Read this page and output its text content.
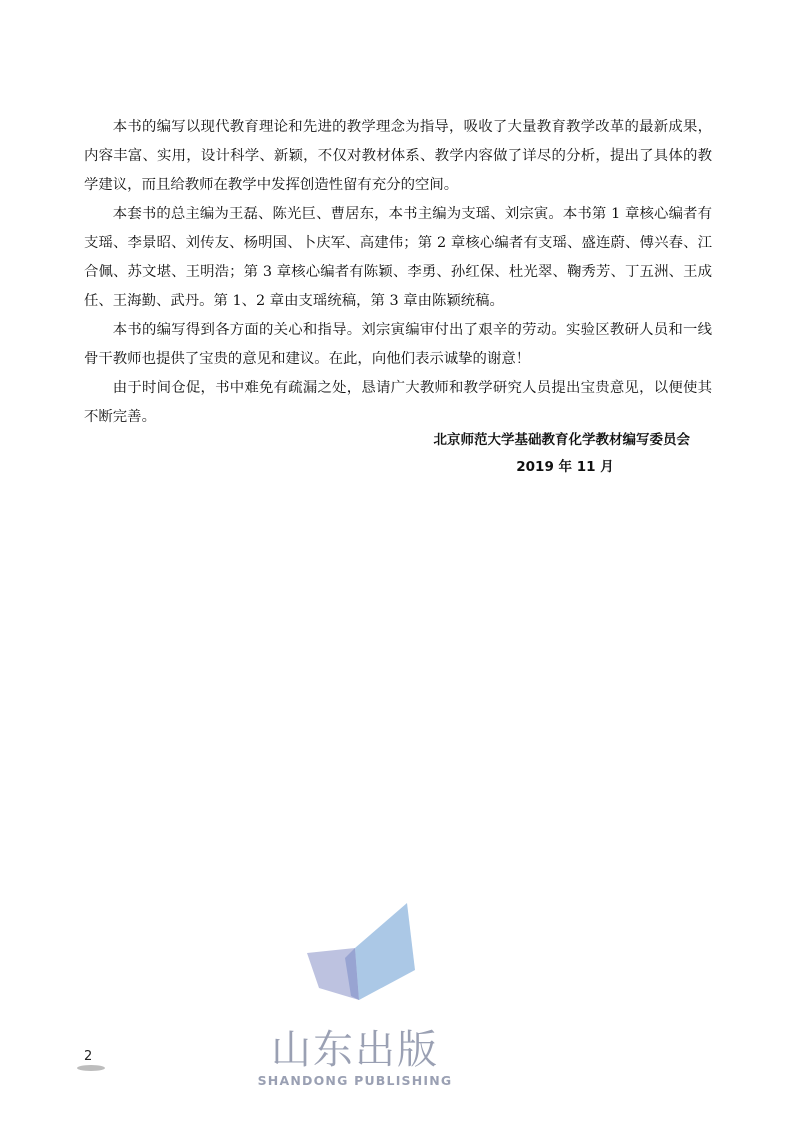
本书的编写以现代教育理论和先进的教学理念为指导，吸收了大量教育教学改革的最新成果，内容丰富、实用，设计科学、新颖，不仅对教材体系、教学内容做了详尽的分析，提出了具体的教学建议，而且给教师在教学中发挥创造性留有充分的空间。

本套书的总主编为王磊、陈光巨、曹居东，本书主编为支瑶、刘宗寅。本书第 1 章核心编者有支瑶、李景昭、刘传友、杨明国、卜庆军、高建伟；第 2 章核心编者有支瑶、盛连蔚、傅兴春、江合佩、苏文堪、王明浩；第 3 章核心编者有陈颖、李勇、孙红保、杜光翠、鞠秀芳、丁五洲、王成任、王海勤、武丹。第 1、2 章由支瑶统稿，第 3 章由陈颖统稿。

本书的编写得到各方面的关心和指导。刘宗寅编审付出了艰辛的劳动。实验区教研人员和一线骨干教师也提供了宝贵的意见和建议。在此，向他们表示诚挚的谢意！

由于时间仓促，书中难免有疏漏之处，恳请广大教师和教学研究人员提出宝贵意见，以便使其不断完善。

北京师范大学基础教育化学教材编写委员会
2019 年 11 月
山东出版
SHANDONG PUBLISHING
2
